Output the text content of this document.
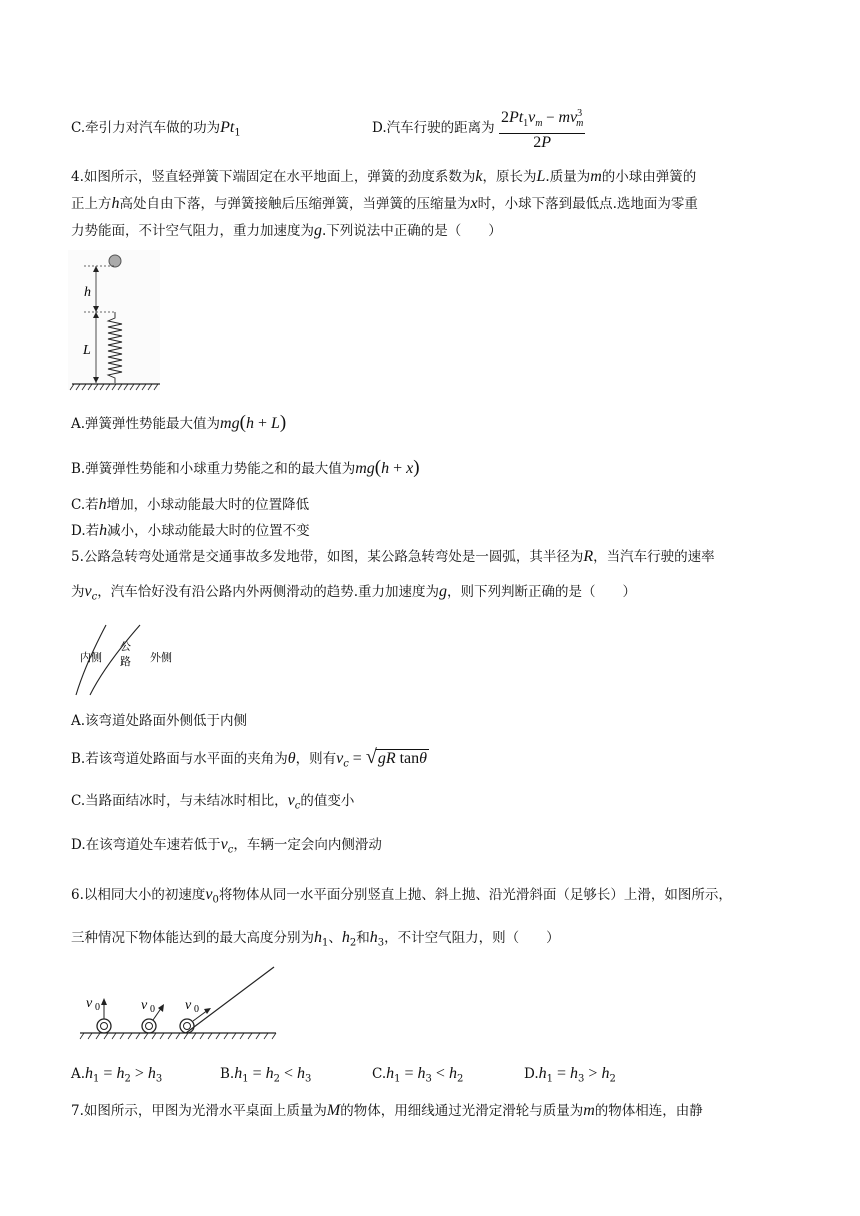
C.牵引力对汽车做的功为$Pt_1$	D.汽车行驶的距离为 $\frac{2Pt_1v_m - mv^3_m}{2P}$
4.如图所示，竖直轻弹簧下端固定在水平地面上，弹簧的劲度系数为k，原长为L.质量为m的小球由弹簧的
正上方h高处自由下落，与弹簧接触后压缩弹簧，当弹簧的压缩量为x时，小球下落到最低点.选地面为零重
力势能面，不计空气阻力，重力加速度为g.下列说法中正确的是（　　）
h
L
A.弹簧弹性势能最大值为mg(h + L)
B.弹簧弹性势能和小球重力势能之和的最大值为mg(h + x)
C.若h增加，小球动能最大时的位置降低
D.若h减小，小球动能最大时的位置不变
5.公路急转弯处通常是交通事故多发地带，如图，某公路急转弯处是一圆弧，其半径为R，当汽车行驶的速率
为$v_c$，汽车恰好没有沿公路内外两侧滑动的趋势.重力加速度为g，则下列判断正确的是（　　）
内侧
公
路 外侧
A.该弯道处路面外侧低于内侧
B.若该弯道处路面与水平面的夹角为θ，则有$v_c = √gR$ tanθ
C.当路面结冰时，与未结冰时相比，$v_c$的值变小
D.在该弯道处车速若低于$v_c$，车辆一定会向内侧滑动
6.以相同大小的初速度$v_0$将物体从同一水平面分别竖直上抛、斜上抛、沿光滑斜面（足够长）上滑，如图所示，
三种情况下物体能达到的最大高度分别为$h_1$、$h_2$和$h_3$，不计空气阻力，则（　　）
v 0	v 0 v 0
$A.h_1 = h_2 > h_3$	$B.h_1 = h_2 < h_3$	$C.h_1 = h_3 < h_2$	$D.h_1 = h_3 > h_2$
7.如图所示，甲图为光滑水平桌面上质量为M的物体，用细线通过光滑定滑轮与质量为m的物体相连，由静
